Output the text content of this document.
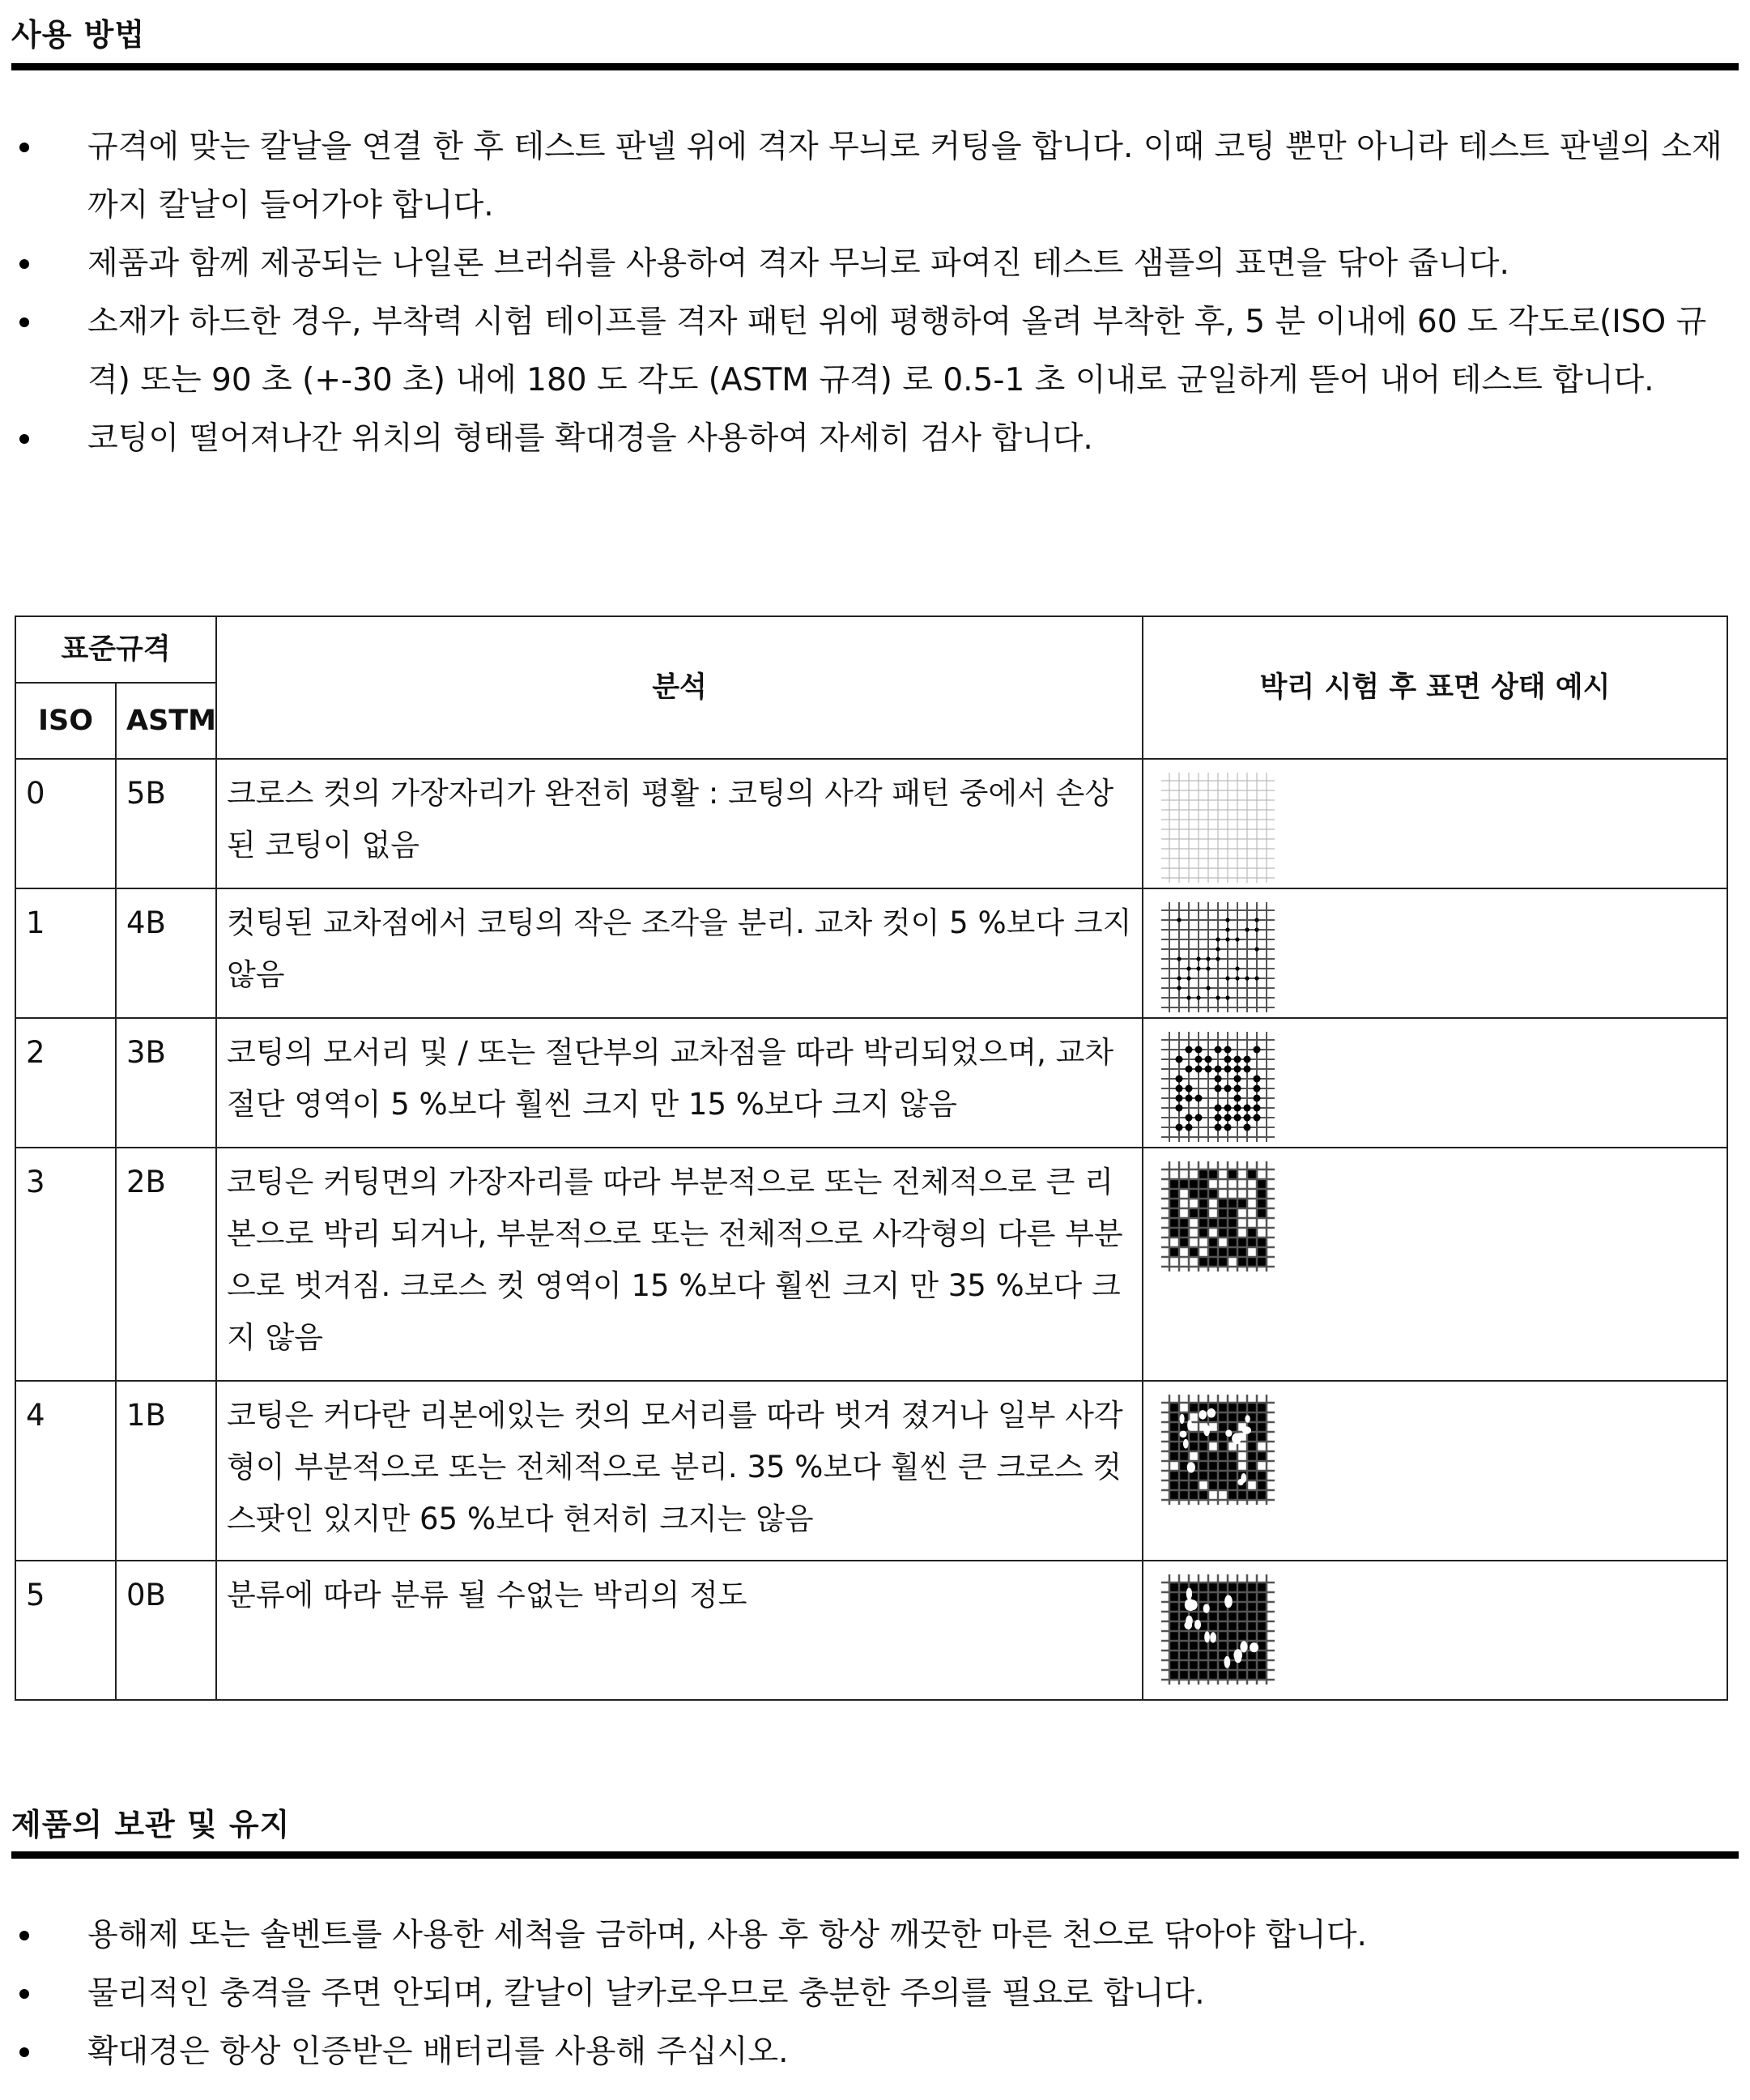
사용 방법
규격에 맞는 칼날을 연결 한 후 테스트 판넬 위에 격자 무늬로 커팅을 합니다. 이때 코팅 뿐만 아니라 테스트 판넬의 소재 까지 칼날이 들어가야 합니다.
제품과 함께 제공되는 나일론 브러쉬를 사용하여 격자 무늬로 파여진 테스트 샘플의 표면을 닦아 줍니다.
소재가 하드한 경우, 부착력 시험 테이프를 격자 패턴 위에 평행하여 올려 부착한 후, 5 분 이내에 60 도 각도로(ISO 규격) 또는 90 초 (+-30 초) 내에 180 도 각도 (ASTM 규격) 로 0.5-1 초 이내로 균일하게 뜯어 내어 테스트 합니다.
코팅이 떨어져나간 위치의 형태를 확대경을 사용하여 자세히 검사 합니다.
표준규격		분석	박리 시험 후 표면 상태 예시
ISO	ASTM		
0	5B	크로스 컷의 가장자리가 완전히 평활 : 코팅의 사각 패턴 중에서 손상된 코팅이 없음	

1	4B	컷팅된 교차점에서 코팅의 작은 조각을 분리. 교차 컷이 5 %보다 크지 않음	

2	3B	코팅의 모서리 및 / 또는 절단부의 교차점을 따라 박리되었으며, 교차 절단 영역이 5 %보다 훨씬 크지 만 15 %보다 크지 않음	

3	2B	코팅은 커팅면의 가장자리를 따라 부분적으로 또는 전체적으로 큰 리본으로 박리 되거나, 부분적으로 또는 전체적으로 사각형의 다른 부분으로 벗겨짐. 크로스 컷 영역이 15 %보다 훨씬 크지 만 35 %보다 크지 않음	

4	1B	코팅은 커다란 리본에있는 컷의 모서리를 따라 벗겨 졌거나 일부 사각형이 부분적으로 또는 전체적으로 분리. 35 %보다 훨씬 큰 크로스 컷 스팟인 있지만 65 %보다 현저히 크지는 않음	

5	0B	분류에 따라 분류 될 수없는 박리의 정도	
제품의 보관 및 유지
용해제 또는 솔벤트를 사용한 세척을 금하며, 사용 후 항상 깨끗한 마른 천으로 닦아야 합니다.
물리적인 충격을 주면 안되며, 칼날이 날카로우므로 충분한 주의를 필요로 합니다.
확대경은 항상 인증받은 배터리를 사용해 주십시오.
